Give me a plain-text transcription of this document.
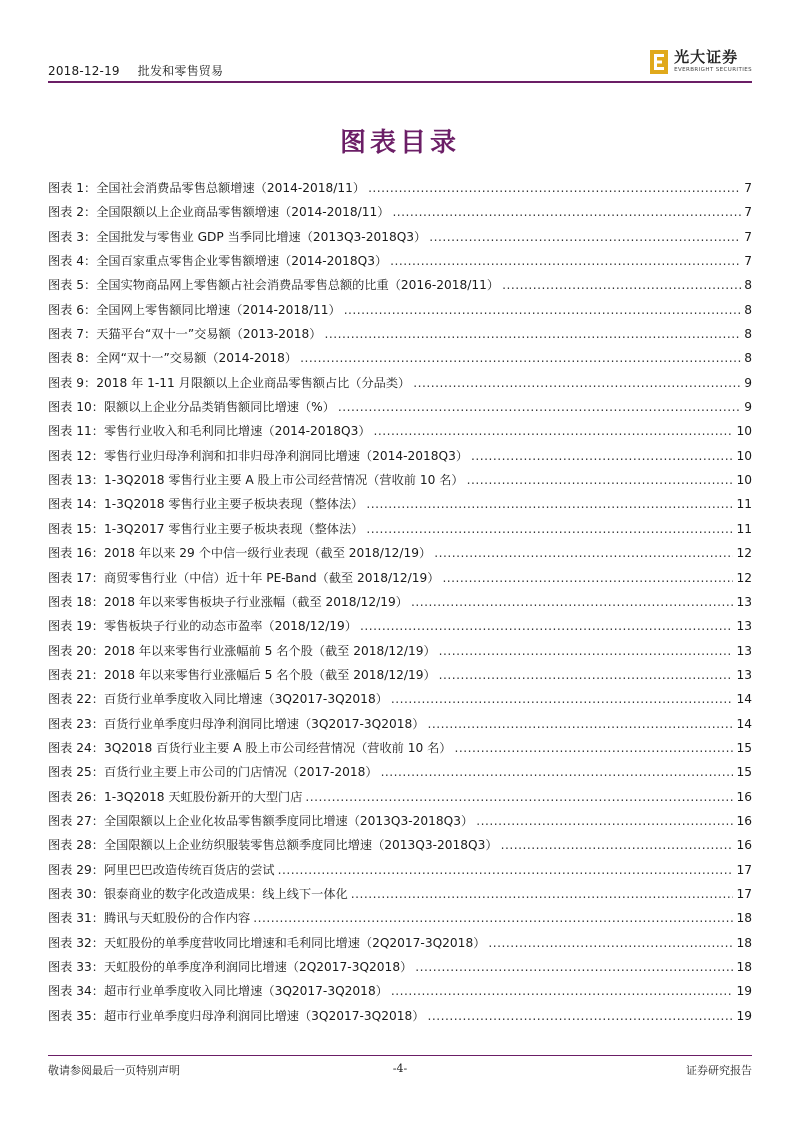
2018-12-19 批发和零售贸易
光大证券
EVERBRIGHT SECURITIES
图表目录
图表 1：全国社会消费品零售总额增速（2014-2018/11） .....	7
图表 2：全国限额以上企业商品零售额增速（2014-2018/11） .....	7
图表 3：全国批发与零售业 GDP 当季同比增速（2013Q3-2018Q3） .....	7
图表 4：全国百家重点零售企业零售额增速（2014-2018Q3） .....	7
图表 5：全国实物商品网上零售额占社会消费品零售总额的比重（2016-2018/11） .....	8
图表 6：全国网上零售额同比增速（2014-2018/11） .....	8
图表 7：天猫平台“双十一”交易额（2013-2018） .....	8
图表 8：全网“双十一”交易额（2014-2018） .....	8
图表 9：2018 年 1-11 月限额以上企业商品零售额占比（分品类） .....	9
图表 10：限额以上企业分品类销售额同比增速（%） .....	9
图表 11：零售行业收入和毛利同比增速（2014-2018Q3） .....	10
图表 12：零售行业归母净利润和扣非归母净利润同比增速（2014-2018Q3） .....	10
图表 13：1-3Q2018 零售行业主要 A 股上市公司经营情况（营收前 10 名） .....	10
图表 14：1-3Q2018 零售行业主要子板块表现（整体法） .....	11
图表 15：1-3Q2017 零售行业主要子板块表现（整体法） .....	11
图表 16：2018 年以来 29 个中信一级行业表现（截至 2018/12/19） .....	12
图表 17：商贸零售行业（中信）近十年 PE-Band（截至 2018/12/19） .....	12
图表 18：2018 年以来零售板块子行业涨幅（截至 2018/12/19） .....	13
图表 19：零售板块子行业的动态市盈率（2018/12/19） .....	13
图表 20：2018 年以来零售行业涨幅前 5 名个股（截至 2018/12/19） .....	13
图表 21：2018 年以来零售行业涨幅后 5 名个股（截至 2018/12/19） .....	13
图表 22：百货行业单季度收入同比增速（3Q2017-3Q2018） .....	14
图表 23：百货行业单季度归母净利润同比增速（3Q2017-3Q2018） .....	14
图表 24：3Q2018 百货行业主要 A 股上市公司经营情况（营收前 10 名） .....	15
图表 25：百货行业主要上市公司的门店情况（2017-2018） .....	15
图表 26：1-3Q2018 天虹股份新开的大型门店 .....	16
图表 27：全国限额以上企业化妆品零售额季度同比增速（2013Q3-2018Q3） .....	16
图表 28：全国限额以上企业纺织服装零售总额季度同比增速（2013Q3-2018Q3） .....	16
图表 29：阿里巴巴改造传统百货店的尝试 .....	17
图表 30：银泰商业的数字化改造成果：线上线下一体化 .....	17
图表 31：腾讯与天虹股份的合作内容 .....	18
图表 32：天虹股份的单季度营收同比增速和毛利同比增速（2Q2017-3Q2018） .....	18
图表 33：天虹股份的单季度净利润同比增速（2Q2017-3Q2018） .....	18
图表 34：超市行业单季度收入同比增速（3Q2017-3Q2018） .....	19
图表 35：超市行业单季度归母净利润同比增速（3Q2017-3Q2018） .....	19
敬请参阅最后一页特别声明	-4-	证券研究报告
